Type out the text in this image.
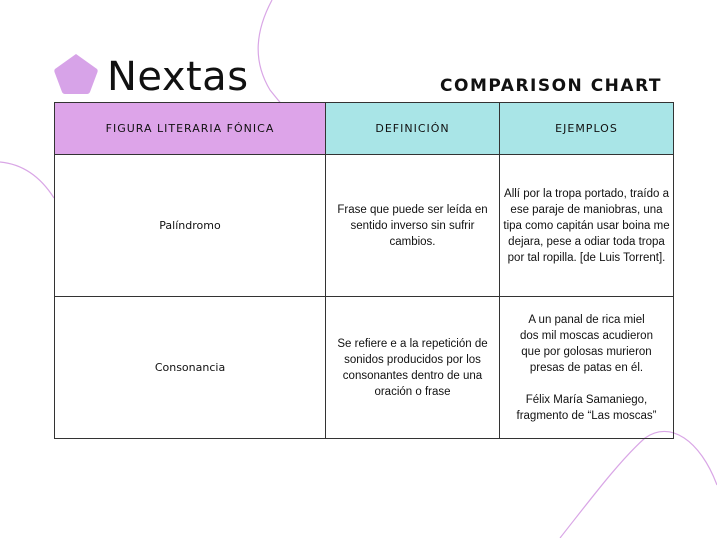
Nextas	COMPARISON CHART
FIGURA LITERARIA FÓNICA	DEFINICIÓN	EJEMPLOS
Palíndromo	Frase que puede ser leída en sentido inverso sin sufrir cambios.	Allí por la tropa portado, traído a ese paraje de maniobras, una tipa como capitán usar boina me dejara, pese a odiar toda tropa por tal ropilla. [de Luis Torrent].
Consonancia	Se refiere e a la repetición de sonidos producidos por los consonantes dentro de una oración o frase	A un panal de rica miel
dos mil moscas acudieron
que por golosas murieron
presas de patas en él.

Félix María Samaniego, fragmento de “Las moscas”
